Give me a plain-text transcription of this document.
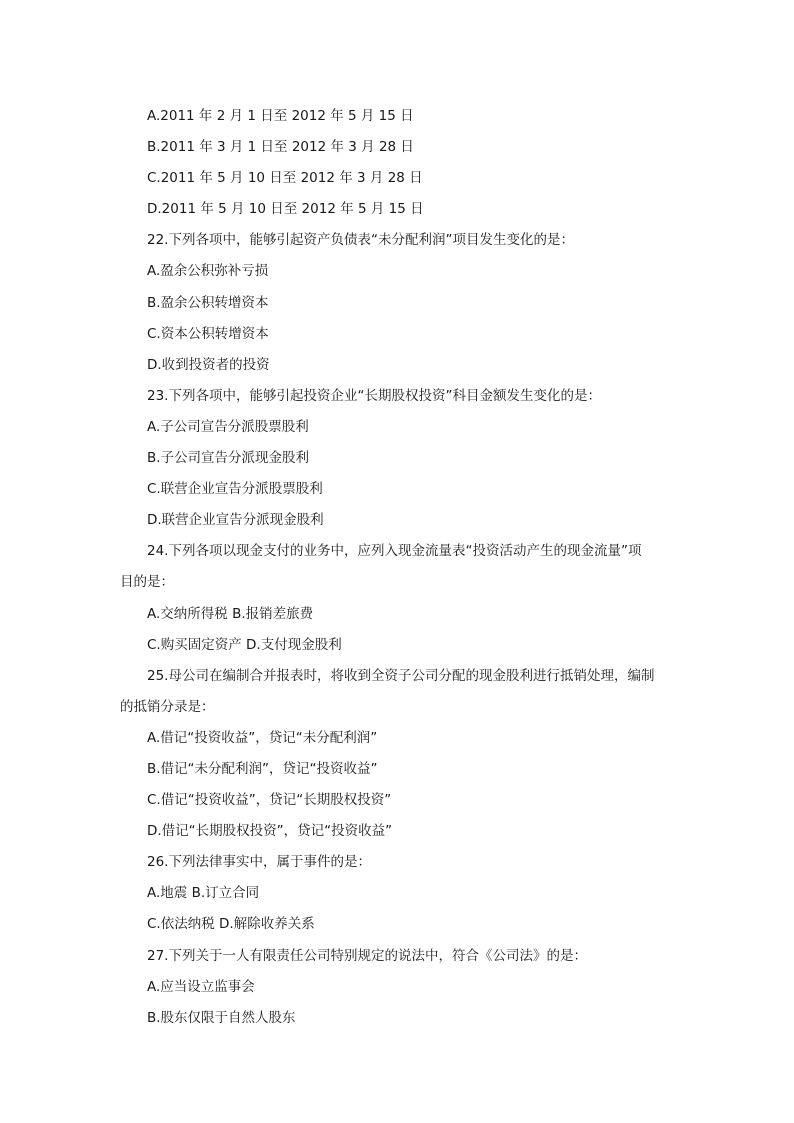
A.2011 年 2 月 1 日至 2012 年 5 月 15 日
B.2011 年 3 月 1 日至 2012 年 3 月 28 日
C.2011 年 5 月 10 日至 2012 年 3 月 28 日
D.2011 年 5 月 10 日至 2012 年 5 月 15 日
22.下列各项中，能够引起资产负债表“未分配利润”项目发生变化的是：
A.盈余公积弥补亏损
B.盈余公积转增资本
C.资本公积转增资本
D.收到投资者的投资
23.下列各项中，能够引起投资企业“长期股权投资”科目金额发生变化的是：
A.子公司宣告分派股票股利
B.子公司宣告分派现金股利
C.联营企业宣告分派股票股利
D.联营企业宣告分派现金股利
24.下列各项以现金支付的业务中，应列入现金流量表“投资活动产生的现金流量”项
目的是：
A.交纳所得税 B.报销差旅费
C.购买固定资产 D.支付现金股利
25.母公司在编制合并报表时，将收到全资子公司分配的现金股利进行抵销处理，编制
的抵销分录是：
A.借记“投资收益”，贷记“未分配利润”
B.借记“未分配利润”，贷记“投资收益”
C.借记“投资收益”，贷记“长期股权投资”
D.借记“长期股权投资”，贷记“投资收益”
26.下列法律事实中，属于事件的是：
A.地震 B.订立合同
C.依法纳税 D.解除收养关系
27.下列关于一人有限责任公司特别规定的说法中，符合《公司法》的是：
A.应当设立监事会
B.股东仅限于自然人股东
